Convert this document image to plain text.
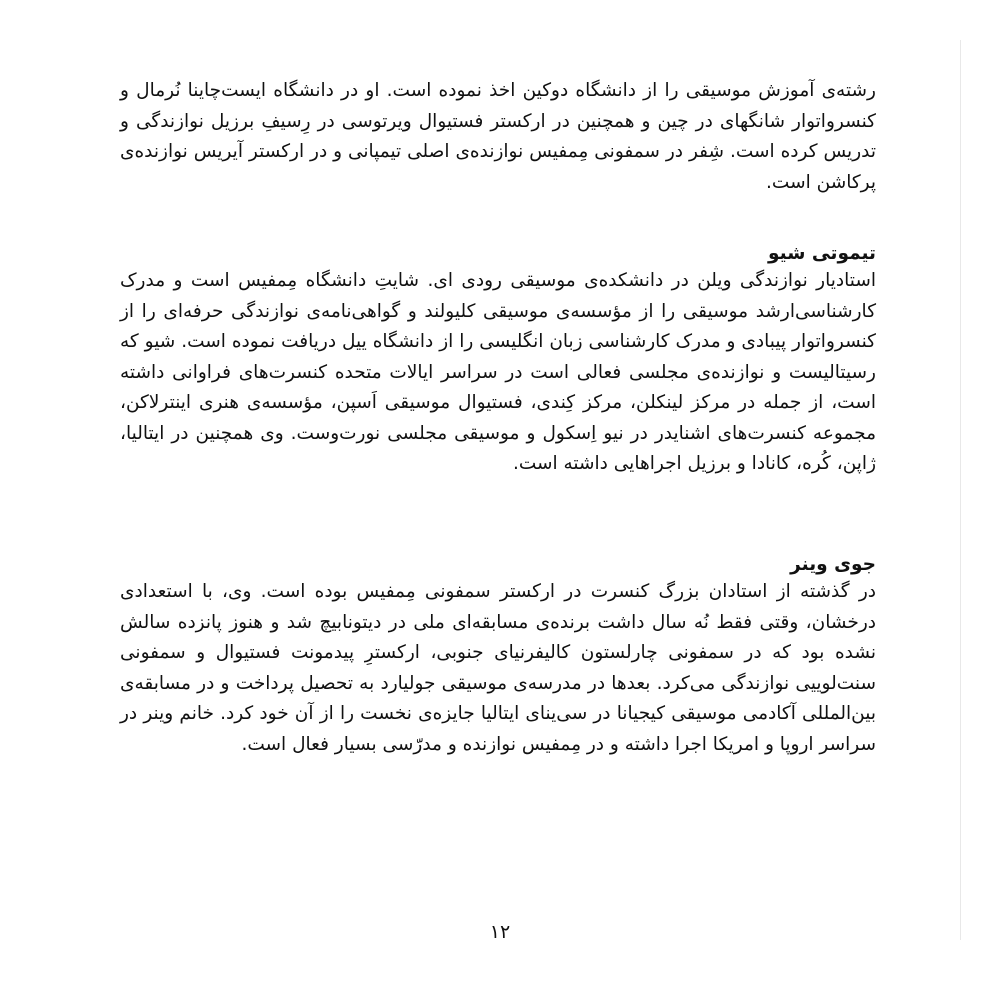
رشته‌ی آموزش موسیقی را از دانشگاه دوکین اخذ نموده است. او در دانشگاه ایست‌چاینا نُرمال و کنسرواتوار شانگهای در چین و همچنین در ارکستر فستیوال ویرتوسی در رِسیفِ برزیل نوازندگی و تدریس کرده است. شِفر در سمفونی مِمفیس نوازنده‌ی اصلی تیمپانی و در ارکستر آیریس نوازنده‌ی پرکاشن است.

تیموتی شیو

استادیار نوازندگی ویلن در دانشکده‌ی موسیقی رودی ای. شایتِ دانشگاه مِمفیس است و مدرک کارشناسی‌ارشد موسیقی را از مؤسسه‌ی موسیقی کلیولند و گواهی‌نامه‌ی نوازندگی حرفه‌ای را از کنسرواتوار پیبادی و مدرک کارشناسی زبان انگلیسی را از دانشگاه ییل دریافت نموده است. شیو که رسیتالیست و نوازنده‌ی مجلسی فعالی است در سراسر ایالات متحده کنسرت‌های فراوانی داشته است، از جمله در مرکز لینکلن، مرکز کِندی، فستیوال موسیقی اَسپن، مؤسسه‌ی هنری اینترلاکن، مجموعه کنسرت‌های اشنایدر در نیو اِسکول و موسیقی مجلسی نورت‌وست. وی همچنین در ایتالیا، ژاپن، کُره، کانادا و برزیل اجراهایی داشته است.

جوی وینر

در گذشته از استادان بزرگ کنسرت در ارکستر سمفونی مِمفیس بوده است. وی، با استعدادی درخشان، وقتی فقط نُه سال داشت برنده‌ی مسابقه‌ای ملی در دیتونابیچ شد و هنوز پانزده سالش نشده بود که در سمفونی چارلستون کالیفرنیای جنوبی، ارکسترِ پیدمونت فستیوال و سمفونی سنت‌لوییی نوازندگی می‌کرد. بعدها در مدرسه‌ی موسیقی جولیارد به تحصیل پرداخت و در مسابقه‌ی بین‌المللی آکادمی موسیقی کیجیانا در سی‌ینای ایتالیا جایزه‌ی نخست را از آن خود کرد. خانم وینر در سراسر اروپا و امریکا اجرا داشته و در مِمفیس نوازنده و مدرّسی بسیار فعال است.

۱۲
